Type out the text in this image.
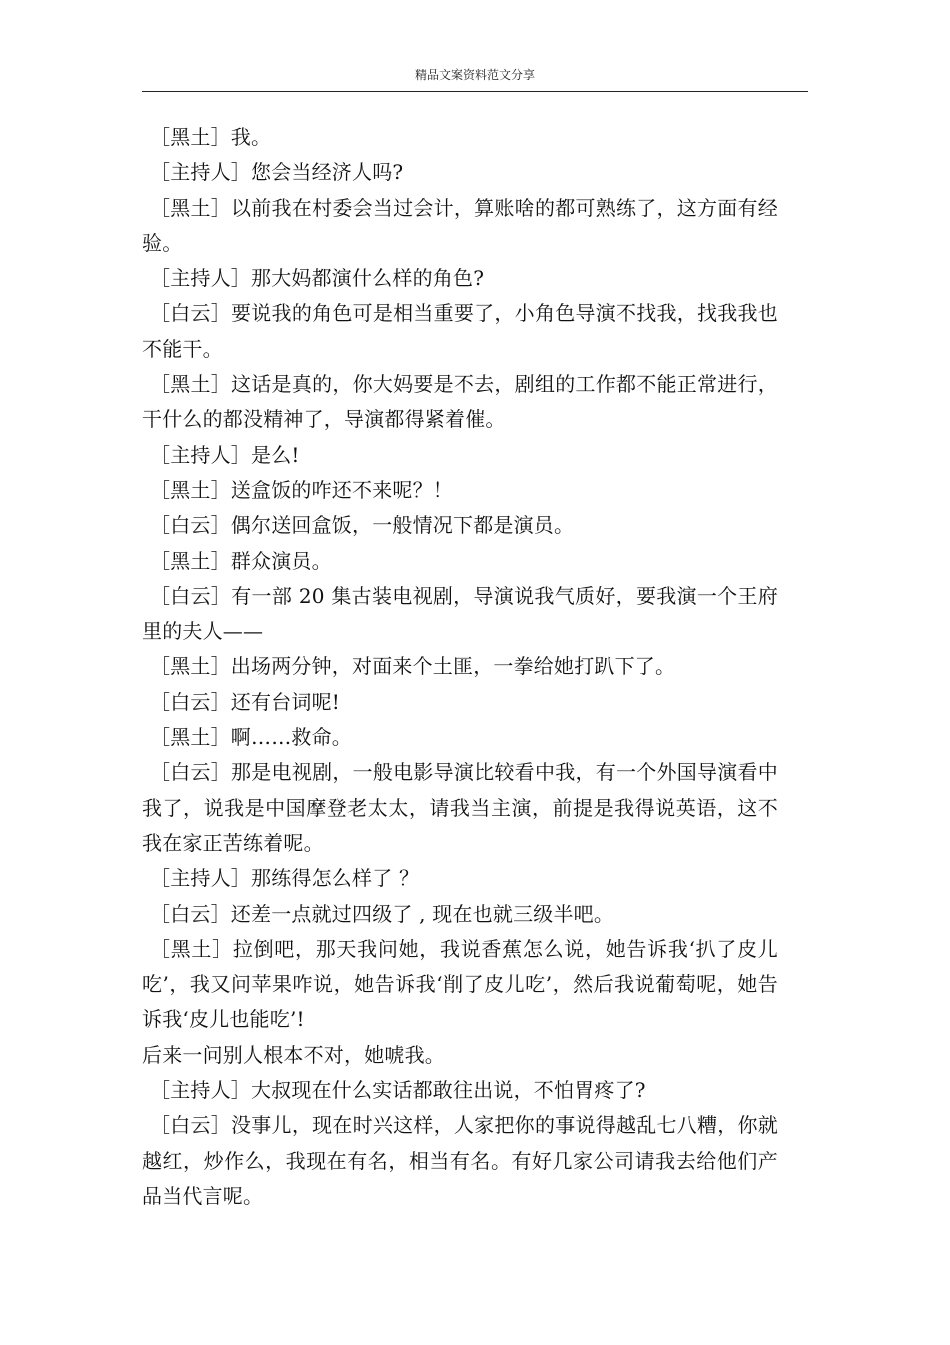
精品文案资料范文分享

［黑土］我。

［主持人］您会当经济人吗?

［黑土］以前我在村委会当过会计，算账啥的都可熟练了，这方面有经验。

［主持人］那大妈都演什么样的角色?

［白云］要说我的角色可是相当重要了，小角色导演不找我，找我我也不能干。

［黑土］这话是真的，你大妈要是不去，剧组的工作都不能正常进行，干什么的都没精神了，导演都得紧着催。

［主持人］是么!

［黑土］送盒饭的咋还不来呢？！

［白云］偶尔送回盒饭，一般情况下都是演员。

［黑土］群众演员。

［白云］有一部 20 集古装电视剧，导演说我气质好，要我演一个王府里的夫人——

［黑土］出场两分钟，对面来个土匪，一拳给她打趴下了。

［白云］还有台词呢!

［黑土］啊……救命。

［白云］那是电视剧，一般电影导演比较看中我，有一个外国导演看中我了，说我是中国摩登老太太，请我当主演，前提是我得说英语，这不我在家正苦练着呢。

［主持人］那练得怎么样了 ？

［白云］还差一点就过四级了 , 现在也就三级半吧。

［黑土］拉倒吧，那天我问她，我说香蕉怎么说，她告诉我‘扒了皮儿吃’，我又问苹果咋说，她告诉我‘削了皮儿吃’，然后我说葡萄呢，她告诉我‘皮儿也能吃’!

后来一问别人根本不对，她唬我。

［主持人］大叔现在什么实话都敢往出说，不怕胃疼了?

［白云］没事儿，现在时兴这样，人家把你的事说得越乱七八糟，你就越红，炒作么，我现在有名，相当有名。有好几家公司请我去给他们产品当代言呢。
